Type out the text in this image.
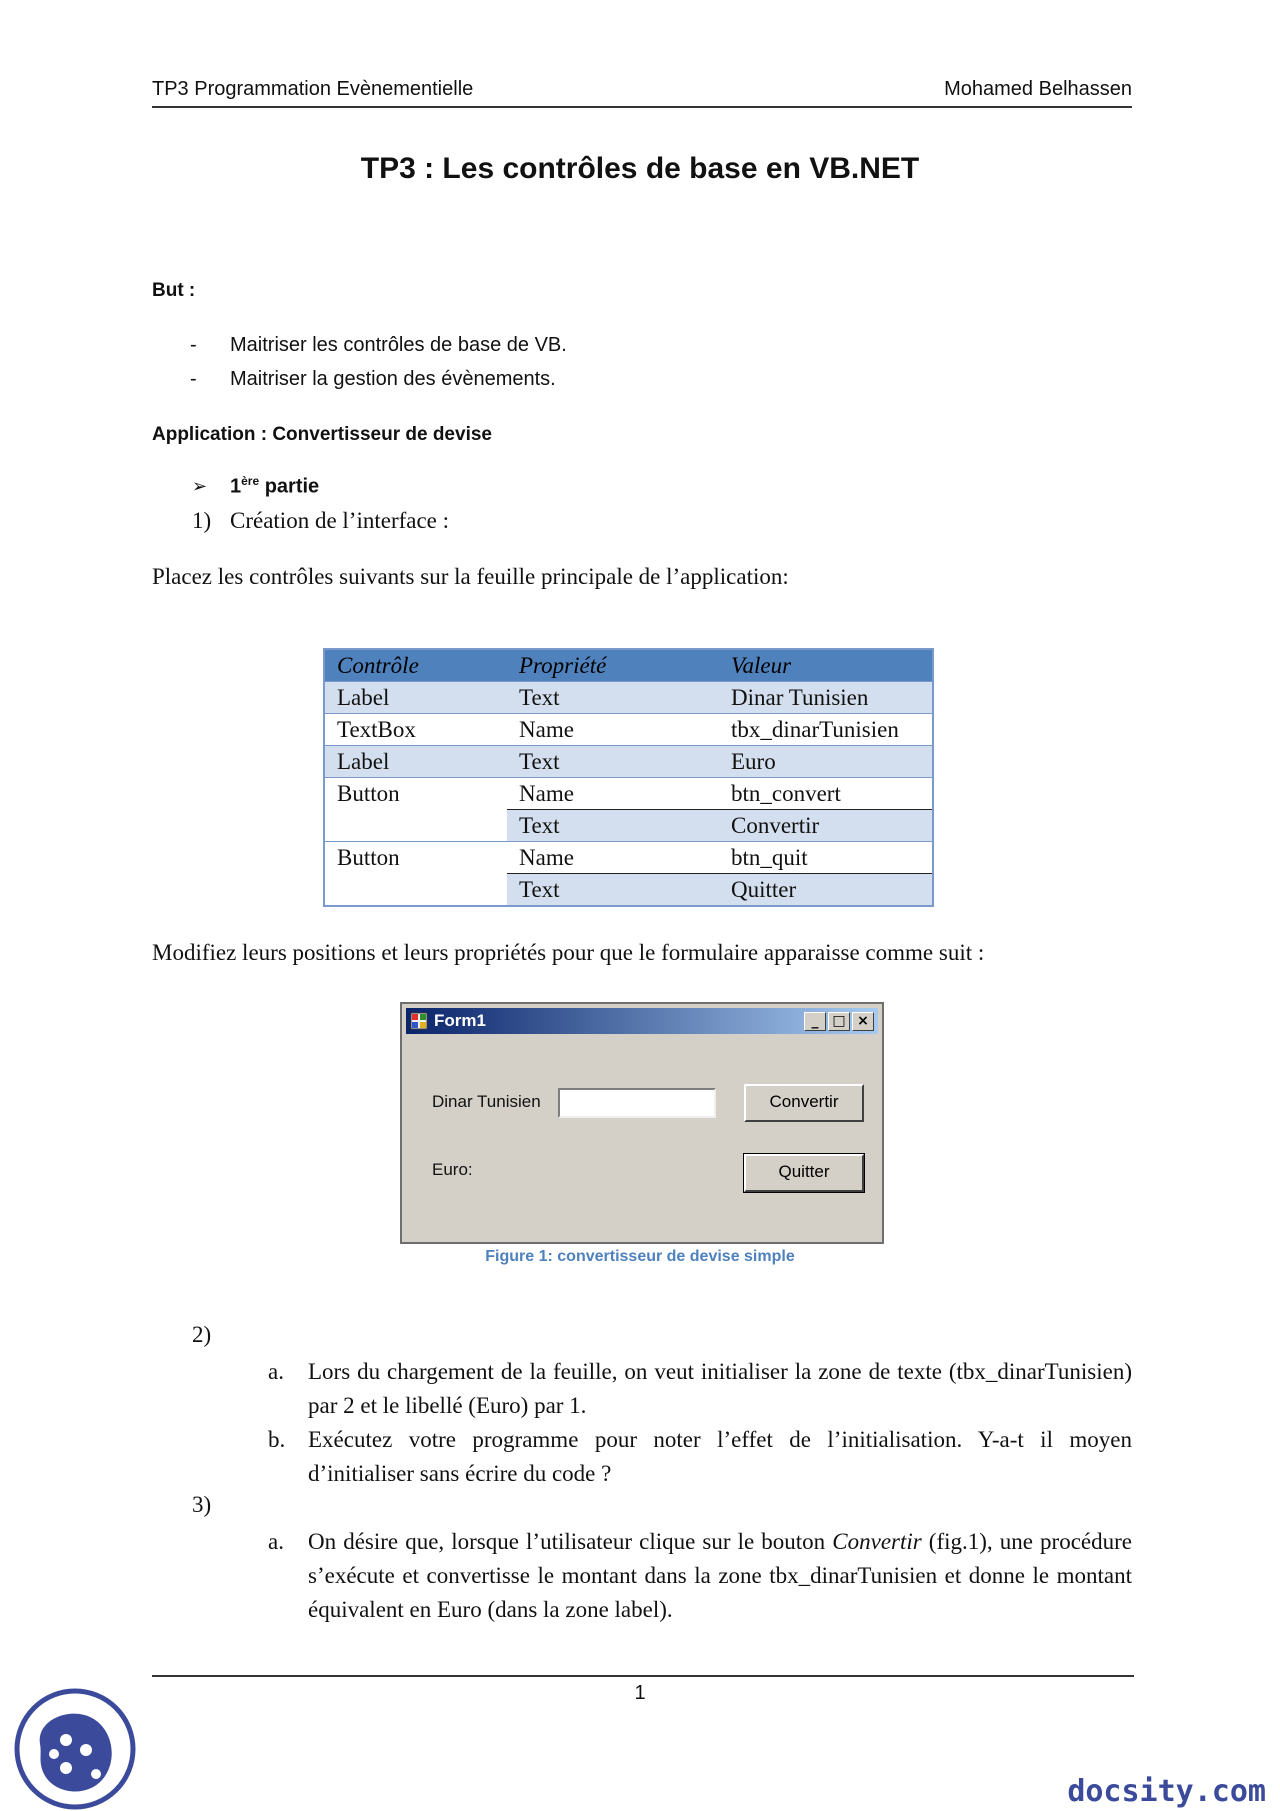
TP3 Programmation Evènementielle	Mohamed Belhassen
TP3 : Les contrôles de base en VB.NET
But :
- Maitriser les contrôles de base de VB.
- Maitriser la gestion des évènements.
Application : Convertisseur de devise
➢ 1ère partie
1) Création de l’interface :
Placez les contrôles suivants sur la feuille principale de l’application:
Contrôle	Propriété	Valeur
Label	Text	Dinar Tunisien
TextBox	Name	tbx_dinarTunisien
Label	Text	Euro
Button	Name	btn_convert
	Text	Convertir
Button	Name	btn_quit
	Text	Quitter
Modifiez leurs positions et leurs propriétés pour que le formulaire apparaisse comme suit :
Form1	_ □ ×
Dinar Tunisien	Convertir
Euro:	Quitter
Figure 1: convertisseur de devise simple
2)
a. Lors du chargement de la feuille, on veut initialiser la zone de texte (tbx_dinarTunisien) par 2 et le libellé (Euro) par 1.
b. Exécutez votre programme pour noter l’effet de l’initialisation. Y-a-t il moyen d’initialiser sans écrire du code ?
3)
a. On désire que, lorsque l’utilisateur clique sur le bouton Convertir (fig.1), une procédure s’exécute et convertisse le montant dans la zone tbx_dinarTunisien et donne le montant équivalent en Euro (dans la zone label).
1
docsity.com
